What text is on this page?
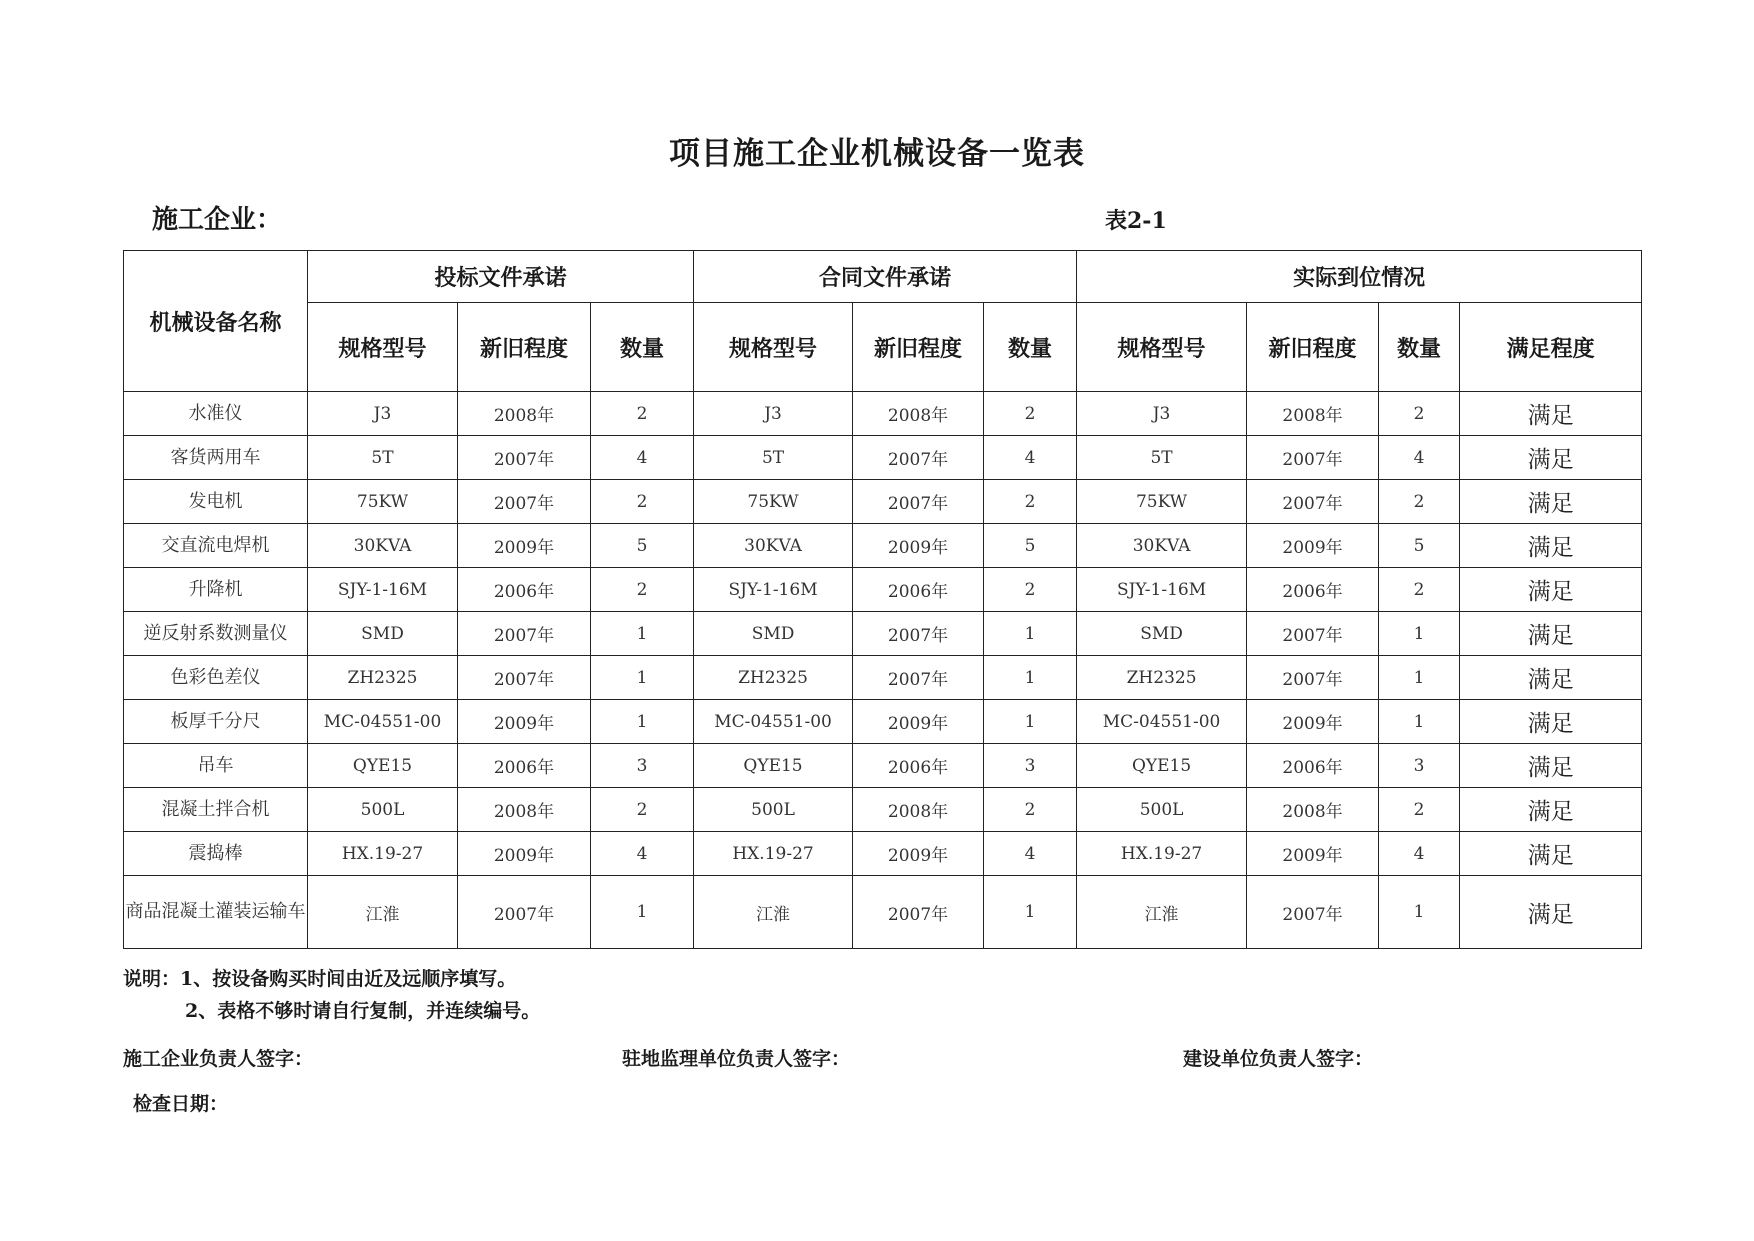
项目施工企业机械设备一览表
施工企业：	表2-1
机械设备名称	投标文件承诺			合同文件承诺			实际到位情况			
	规格型号	新旧程度	数量	规格型号	新旧程度	数量	规格型号	新旧程度	数量	满足程度
水准仪	J3	2008年	2	J3	2008年	2	J3	2008年	2	满足
客货两用车	5T	2007年	4	5T	2007年	4	5T	2007年	4	满足
发电机	75KW	2007年	2	75KW	2007年	2	75KW	2007年	2	满足
交直流电焊机	30KVA	2009年	5	30KVA	2009年	5	30KVA	2009年	5	满足
升降机	SJY-1-16M	2006年	2	SJY-1-16M	2006年	2	SJY-1-16M	2006年	2	满足
逆反射系数测量仪	SMD	2007年	1	SMD	2007年	1	SMD	2007年	1	满足
色彩色差仪	ZH2325	2007年	1	ZH2325	2007年	1	ZH2325	2007年	1	满足
板厚千分尺	MC-04551-00	2009年	1	MC-04551-00	2009年	1	MC-04551-00	2009年	1	满足
吊车	QYE15	2006年	3	QYE15	2006年	3	QYE15	2006年	3	满足
混凝土拌合机	500L	2008年	2	500L	2008年	2	500L	2008年	2	满足
震捣棒	HX.19-27	2009年	4	HX.19-27	2009年	4	HX.19-27	2009年	4	满足
商品混凝土灌装运输车	江淮	2007年	1	江淮	2007年	1	江淮	2007年	1	满足
说明：1、按设备购买时间由近及远顺序填写。
2、表格不够时请自行复制，并连续编号。
施工企业负责人签字：	驻地监理单位负责人签字：	建设单位负责人签字：
检查日期：
